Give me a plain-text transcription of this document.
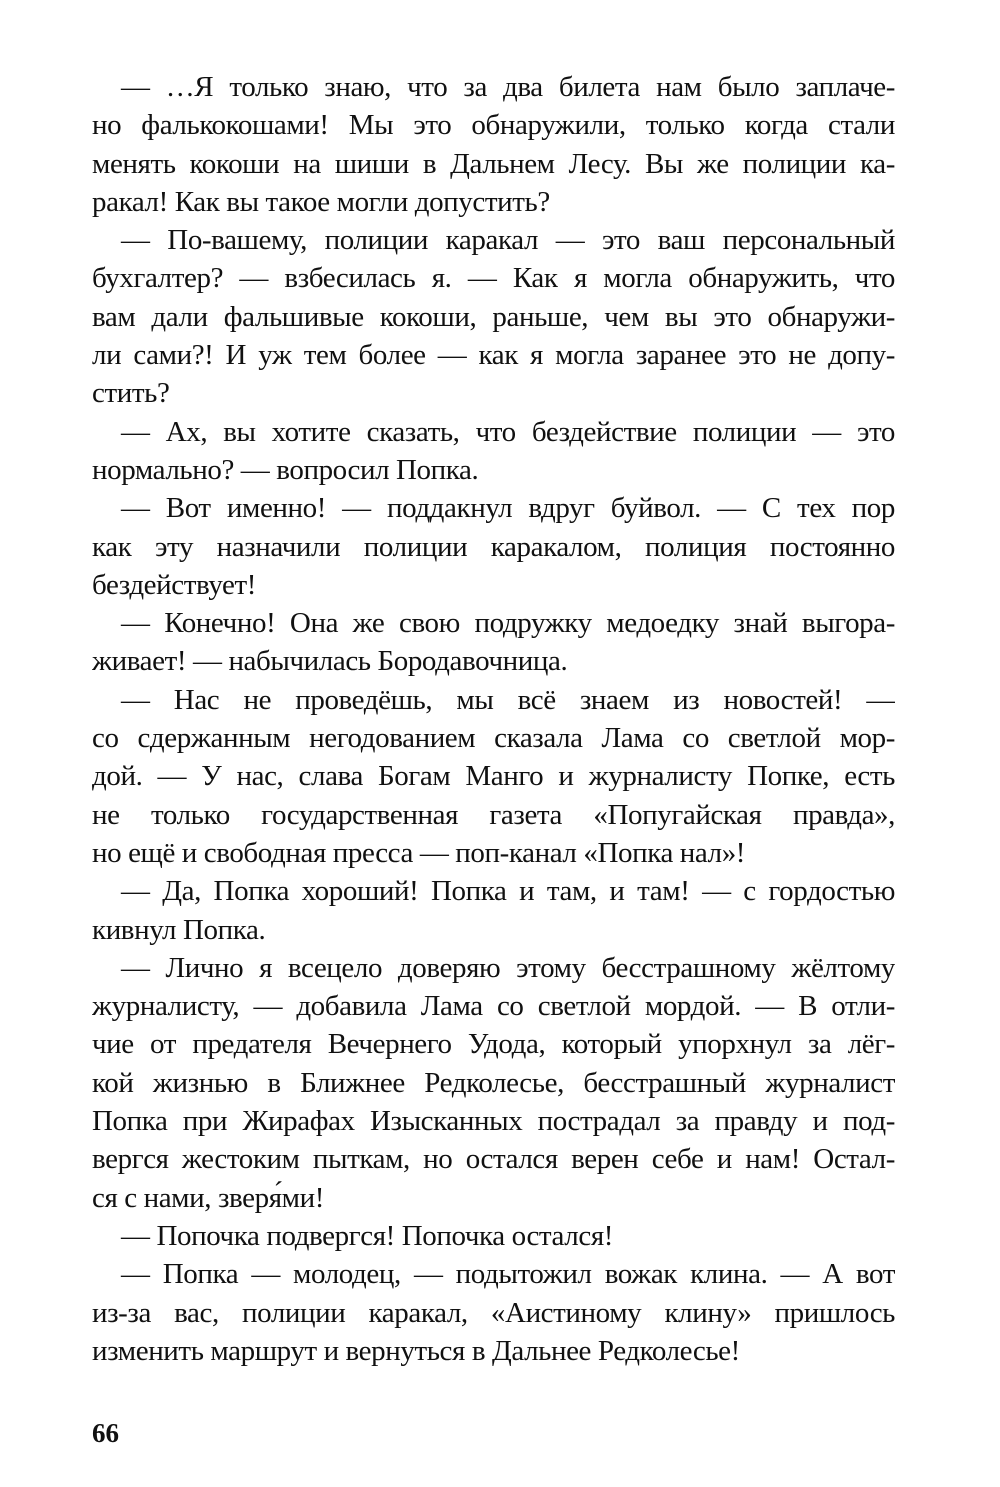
— …Я только знаю, что за два билета нам было заплаче-
но фалькокошами! Мы это обнаружили, только когда стали
менять кокоши на шиши в Дальнем Лесу. Вы же полиции ка-
ракал! Как вы такое могли допустить?
— По-вашему, полиции каракал — это ваш персональный
бухгалтер? — взбесилась я. — Как я могла обнаружить, что
вам дали фальшивые кокоши, раньше, чем вы это обнаружи-
ли сами?! И уж тем более — как я могла заранее это не допу-
стить?
— Ах, вы хотите сказать, что бездействие полиции — это
нормально? — вопросил Попка.
— Вот именно! — поддакнул вдруг буйвол. — С тех пор
как эту назначили полиции каракалом, полиция постоянно
бездействует!
— Конечно! Она же свою подружку медоедку знай выгора-
живает! — набычилась Бородавочница.
— Нас не проведёшь, мы всё знаем из новостей! —
со сдержанным негодованием сказала Лама со светлой мор-
дой. — У нас, слава Богам Манго и журналисту Попке, есть
не только государственная газета «Попугайская правда»,
но ещё и свободная пресса — поп-канал «Попка нал»!
— Да, Попка хороший! Попка и там, и там! — с гордостью
кивнул Попка.
— Лично я всецело доверяю этому бесстрашному жёлтому
журналисту, — добавила Лама со светлой мордой. — В отли-
чие от предателя Вечернего Удода, который упорхнул за лёг-
кой жизнью в Ближнее Редколесье, бесстрашный журналист
Попка при Жирафах Изысканных пострадал за правду и под-
вергся жестоким пыткам, но остался верен себе и нам! Остал-
ся с нами, зверя́ми!
— Попочка подвергся! Попочка остался!
— Попка — молодец, — подытожил вожак клина. — А вот
из-за вас, полиции каракал, «Аистиному клину» пришлось
изменить маршрут и вернуться в Дальнее Редколесье!
66
